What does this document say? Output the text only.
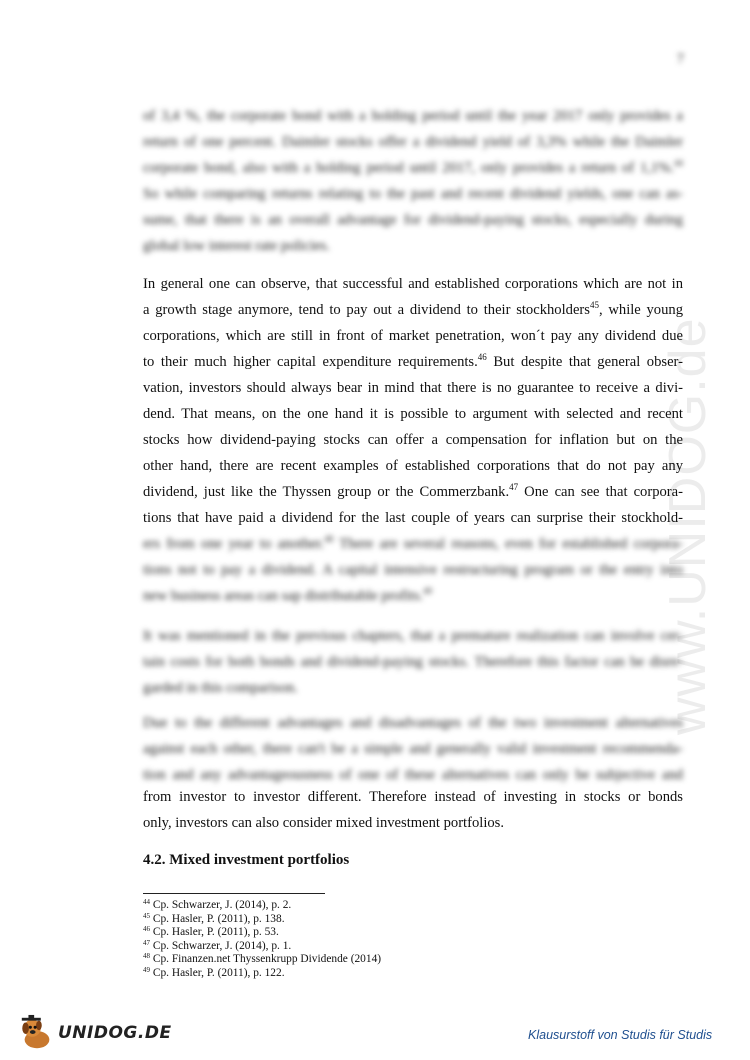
7
www.UNIDOG.de
of 3,4 %, the corporate bond with a holding period until the year 2017 only provides a
return of one percent. Daimler stocks offer a dividend yield of 3,3% while the Daimler
corporate bond, also with a holding period until 2017, only provides a return of 1,1%.$^{44}$
So while comparing returns relating to the past and recent dividend yields, one can as-
sume, that there is an overall advantage for dividend-paying stocks, especially during
global low interest rate policies.
In general one can observe, that successful and established corporations which are not in
a growth stage anymore, tend to pay out a dividend to their stockholders$^{45}$, while young
corporations, which are still in front of market penetration, won´t pay any dividend due
to their much higher capital expenditure requirements.$^{46}$ But despite that general obser-
vation, investors should always bear in mind that there is no guarantee to receive a divi-
dend. That means, on the one hand it is possible to argument with selected and recent
stocks how dividend-paying stocks can offer a compensation for inflation but on the
other hand, there are recent examples of established corporations that do not pay any
dividend, just like the Thyssen group or the Commerzbank.$^{47}$ One can see that corpora-
tions that have paid a dividend for the last couple of years can surprise their stockhold-
ers from one year to another.$^{48}$ There are several reasons, even for established corpora-
tions not to pay a dividend. A capital intensive restructuring program or the entry into
new business areas can sap distributable profits.$^{49}$
It was mentioned in the previous chapters, that a premature realization can involve cer-
tain costs for both bonds and dividend-paying stocks. Therefore this factor can be disre-
garded in this comparison.
Due to the different advantages and disadvantages of the two investment alternatives
against each other, there can't be a simple and generally valid investment recommenda-
tion and any advantageousness of one of these alternatives can only be subjective and
from investor to investor different. Therefore instead of investing in stocks or bonds
only, investors can also consider mixed investment portfolios.
4.2. Mixed investment portfolios
$^{44}$ Cp. Schwarzer, J. (2014), p. 2.
$^{45}$ Cp. Hasler, P. (2011), p. 138.
$^{46}$ Cp. Hasler, P. (2011), p. 53.
$^{47}$ Cp. Schwarzer, J. (2014), p. 1.
$^{48}$ Cp. Finanzen.net Thyssenkrupp Dividende (2014)
$^{49}$ Cp. Hasler, P. (2011), p. 122.
UNIDOG.DE	Klausurstoff von Studis für Studis
